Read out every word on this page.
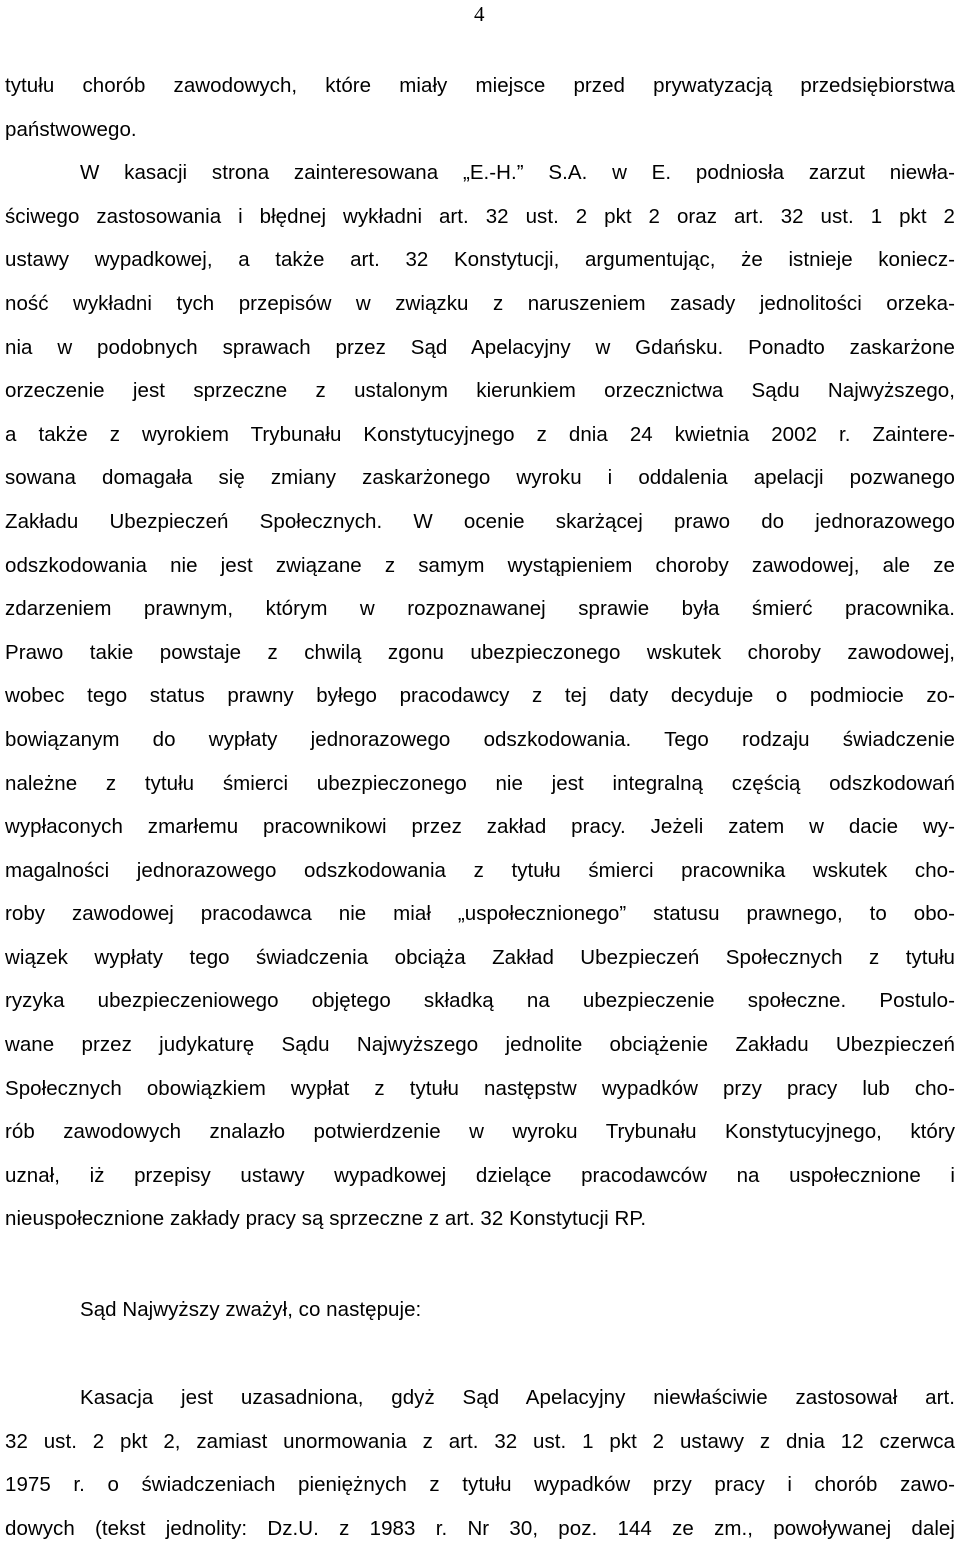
4
tytułu chorób zawodowych, które miały miejsce przed prywatyzacją przedsiębiorstwa
państwowego.
W kasacji strona zainteresowana „E.-H.” S.A. w E. podniosła zarzut niewła-
ściwego zastosowania i błędnej wykładni art. 32 ust. 2 pkt 2 oraz art. 32 ust. 1 pkt 2
ustawy wypadkowej, a także art. 32 Konstytucji, argumentując, że istnieje koniecz-
ność wykładni tych przepisów w związku z naruszeniem zasady jednolitości orzeka-
nia w podobnych sprawach przez Sąd Apelacyjny w Gdańsku. Ponadto zaskarżone
orzeczenie jest sprzeczne z ustalonym kierunkiem orzecznictwa Sądu Najwyższego,
a także z wyrokiem Trybunału Konstytucyjnego z dnia 24 kwietnia 2002 r. Zaintere-
sowana domagała się zmiany zaskarżonego wyroku i oddalenia apelacji pozwanego
Zakładu Ubezpieczeń Społecznych. W ocenie skarżącej prawo do jednorazowego
odszkodowania nie jest związane z samym wystąpieniem choroby zawodowej, ale ze
zdarzeniem prawnym, którym w rozpoznawanej sprawie była śmierć pracownika.
Prawo takie powstaje z chwilą zgonu ubezpieczonego wskutek choroby zawodowej,
wobec tego status prawny byłego pracodawcy z tej daty decyduje o podmiocie zo-
bowiązanym do wypłaty jednorazowego odszkodowania. Tego rodzaju świadczenie
należne z tytułu śmierci ubezpieczonego nie jest integralną częścią odszkodowań
wypłaconych zmarłemu pracownikowi przez zakład pracy. Jeżeli zatem w dacie wy-
magalności jednorazowego odszkodowania z tytułu śmierci pracownika wskutek cho-
roby zawodowej pracodawca nie miał „uspołecznionego” statusu prawnego, to obo-
wiązek wypłaty tego świadczenia obciąża Zakład Ubezpieczeń Społecznych z tytułu
ryzyka ubezpieczeniowego objętego składką na ubezpieczenie społeczne. Postulo-
wane przez judykaturę Sądu Najwyższego jednolite obciążenie Zakładu Ubezpieczeń
Społecznych obowiązkiem wypłat z tytułu następstw wypadków przy pracy lub cho-
rób zawodowych znalazło potwierdzenie w wyroku Trybunału Konstytucyjnego, który
uznał, iż przepisy ustawy wypadkowej dzielące pracodawców na uspołecznione i
nieuspołecznione zakłady pracy są sprzeczne z art. 32 Konstytucji RP.
Sąd Najwyższy zważył, co następuje:
Kasacja jest uzasadniona, gdyż Sąd Apelacyjny niewłaściwie zastosował art.
32 ust. 2 pkt 2, zamiast unormowania z art. 32 ust. 1 pkt 2 ustawy z dnia 12 czerwca
1975 r. o świadczeniach pieniężnych z tytułu wypadków przy pracy i chorób zawo-
dowych (tekst jednolity: Dz.U. z 1983 r. Nr 30, poz. 144 ze zm., powoływanej dalej
